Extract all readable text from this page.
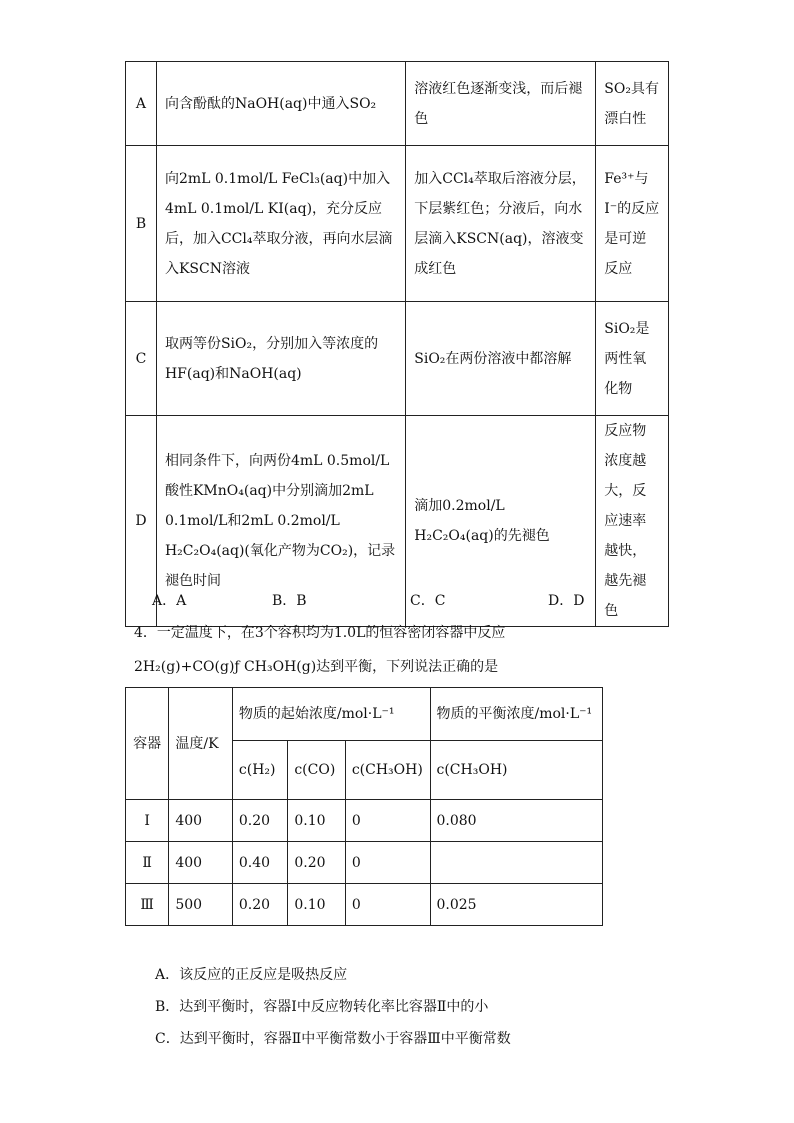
A	向含酚酞的NaOH(aq)中通入SO₂	溶液红色逐渐变浅，而后褪色	SO₂具有漂白性
B	向2mL 0.1mol/L FeCl₃(aq)中加入4mL 0.1mol/L KI(aq)，充分反应后，加入CCl₄萃取分液，再向水层滴入KSCN溶液	加入CCl₄萃取后溶液分层，下层紫红色；分液后，向水层滴入KSCN(aq)，溶液变成红色	Fe³⁺与I⁻的反应是可逆反应
C	取两等份SiO₂，分别加入等浓度的HF(aq)和NaOH(aq)	SiO₂在两份溶液中都溶解	SiO₂是两性氧化物
D	相同条件下，向两份4mL 0.5mol/L酸性KMnO₄(aq)中分别滴加2mL 0.1mol/L和2mL 0.2mol/L H₂C₂O₄(aq)(氧化产物为CO₂)，记录褪色时间	滴加0.2mol/L H₂C₂O₄(aq)的先褪色	反应物浓度越大，反应速率越快，越先褪色
A．A	B．B	C．C	D．D
4．一定温度下，在3个容积均为1.0L的恒容密闭容器中反应
2H₂(g)+CO(g)ƒ CH₃OH(g)达到平衡，下列说法正确的是
容器	温度/K	物质的起始浓度/mol·L⁻¹			物质的平衡浓度/mol·L⁻¹
		c(H₂)	c(CO)	c(CH₃OH)	c(CH₃OH)
Ⅰ	400	0.20	0.10	0	0.080
Ⅱ	400	0.40	0.20	0	
Ⅲ	500	0.20	0.10	0	0.025
A．该反应的正反应是吸热反应
B．达到平衡时，容器Ⅰ中反应物转化率比容器Ⅱ中的小
C．达到平衡时，容器Ⅱ中平衡常数小于容器Ⅲ中平衡常数
